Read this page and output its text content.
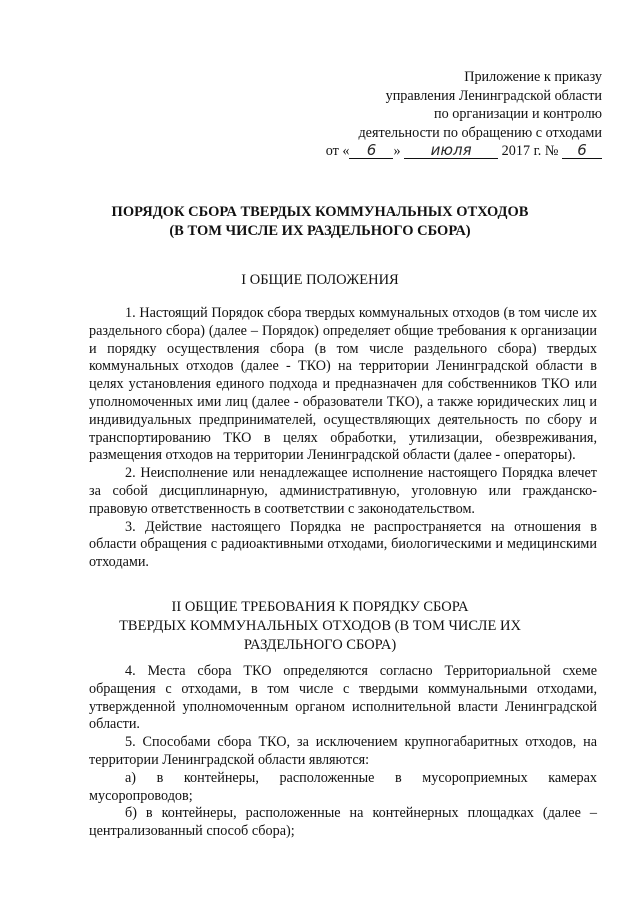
Приложение к приказу
управления Ленинградской области
по организации и контролю
деятельности по обращению с отходами
от « 6 » июля 2017 г. № 6
ПОРЯДОК СБОРА ТВЕРДЫХ КОММУНАЛЬНЫХ ОТХОДОВ
(В ТОМ ЧИСЛЕ ИХ РАЗДЕЛЬНОГО СБОРА)
I ОБЩИЕ ПОЛОЖЕНИЯ

1. Настоящий Порядок сбора твердых коммунальных отходов (в том числе их раздельного сбора) (далее – Порядок) определяет общие требования к организации и порядку осуществления сбора (в том числе раздельного сбора) твердых коммунальных отходов (далее - ТКО) на территории Ленинградской области в целях установления единого подхода и предназначен для собственников ТКО или уполномоченных ими лиц (далее - образователи ТКО), а также юридических лиц и индивидуальных предпринимателей, осуществляющих деятельность по сбору и транспортированию ТКО в целях обработки, утилизации, обезвреживания, размещения отходов на территории Ленинградской области (далее - операторы).

2. Неисполнение или ненадлежащее исполнение настоящего Порядка влечет за собой дисциплинарную, административную, уголовную или гражданско-правовую ответственность в соответствии с законодательством.

3. Действие настоящего Порядка не распространяется на отношения в области обращения с радиоактивными отходами, биологическими и медицинскими отходами.

II ОБЩИЕ ТРЕБОВАНИЯ К ПОРЯДКУ СБОРА
ТВЕРДЫХ КОММУНАЛЬНЫХ ОТХОДОВ (В ТОМ ЧИСЛЕ ИХ
РАЗДЕЛЬНОГО СБОРА)

4. Места сбора ТКО определяются согласно Территориальной схеме обращения с отходами, в том числе с твердыми коммунальными отходами, утвержденной уполномоченным органом исполнительной власти Ленинградской области.

5. Способами сбора ТКО, за исключением крупногабаритных отходов, на территории Ленинградской области являются:

а) в контейнеры, расположенные в мусороприемных камерах мусоропроводов;

б) в контейнеры, расположенные на контейнерных площадках (далее – централизованный способ сбора);
